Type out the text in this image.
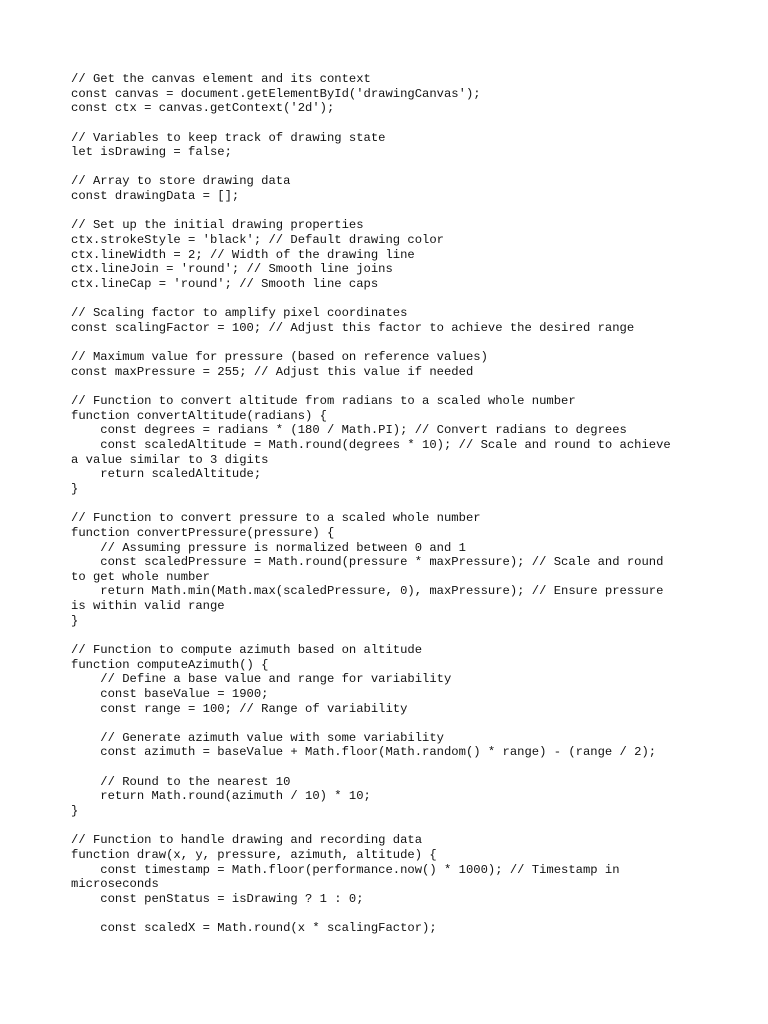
// Get the canvas element and its context
const canvas = document.getElementById('drawingCanvas');
const ctx = canvas.getContext('2d');
// Variables to keep track of drawing state
let isDrawing = false;
// Array to store drawing data
const drawingData = [];
// Set up the initial drawing properties
ctx.strokeStyle = 'black'; // Default drawing color
ctx.lineWidth = 2; // Width of the drawing line
ctx.lineJoin = 'round'; // Smooth line joins
ctx.lineCap = 'round'; // Smooth line caps
// Scaling factor to amplify pixel coordinates
const scalingFactor = 100; // Adjust this factor to achieve the desired range
// Maximum value for pressure (based on reference values)
const maxPressure = 255; // Adjust this value if needed
// Function to convert altitude from radians to a scaled whole number
function convertAltitude(radians) {
const degrees = radians * (180 / Math.PI); // Convert radians to degrees
const scaledAltitude = Math.round(degrees * 10); // Scale and round to achieve
a value similar to 3 digits
return scaledAltitude;
}
// Function to convert pressure to a scaled whole number
function convertPressure(pressure) {
// Assuming pressure is normalized between 0 and 1
const scaledPressure = Math.round(pressure * maxPressure); // Scale and round
to get whole number
return Math.min(Math.max(scaledPressure, 0), maxPressure); // Ensure pressure
is within valid range
}
// Function to compute azimuth based on altitude
function computeAzimuth() {
// Define a base value and range for variability
const baseValue = 1900;
const range = 100; // Range of variability
// Generate azimuth value with some variability
const azimuth = baseValue + Math.floor(Math.random() * range) - (range / 2);
// Round to the nearest 10
return Math.round(azimuth / 10) * 10;
}
// Function to handle drawing and recording data
function draw(x, y, pressure, azimuth, altitude) {
const timestamp = Math.floor(performance.now() * 1000); // Timestamp in
microseconds
const penStatus = isDrawing ? 1 : 0;
const scaledX = Math.round(x * scalingFactor);
